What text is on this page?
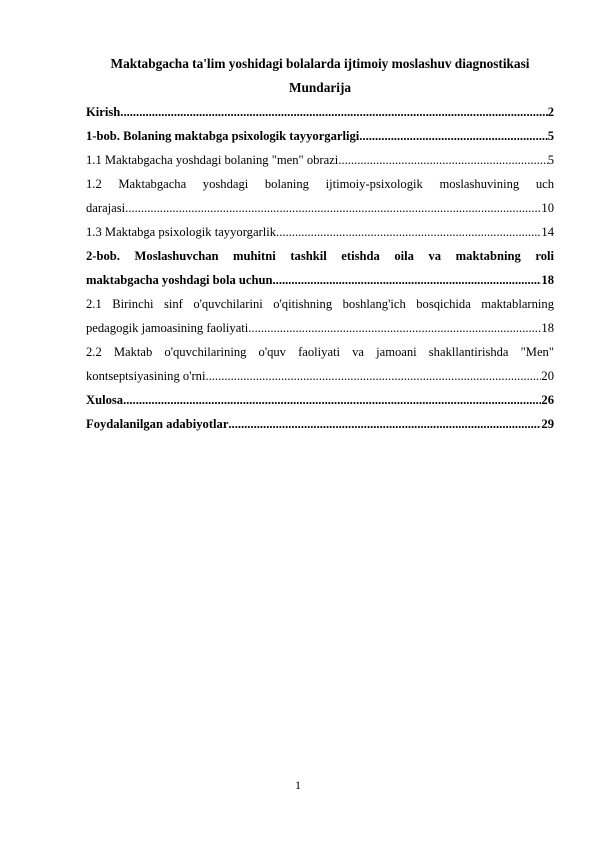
Maktabgacha ta'lim yoshidagi bolalarda ijtimoiy moslashuv diagnostikasi
Mundarija
Kirish .....	2
1-bob. Bolaning maktabga psixologik tayyorgarligi .....	5
1.1 Maktabgacha yoshdagi bolaning "men" obrazi .....	5
1.2 Maktabgacha yoshdagi bolaning ijtimoiy-psixologik moslashuvining uch
darajasi .....	10
1.3 Maktabga psixologik tayyorgarlik .....	14
2-bob. Moslashuvchan muhitni tashkil etishda oila va maktabning roli
maktabgacha yoshdagi bola uchun .....	18
2.1 Birinchi sinf o'quvchilarini o'qitishning boshlang'ich bosqichida maktablarning
pedagogik jamoasining faoliyati .....	18
2.2 Maktab o'quvchilarining o'quv faoliyati va jamoani shakllantirishda "Men"
kontseptsiyasining o'rni .....	20
Xulosa .....	26
Foydalanilgan adabiyotlar .....	29
1
